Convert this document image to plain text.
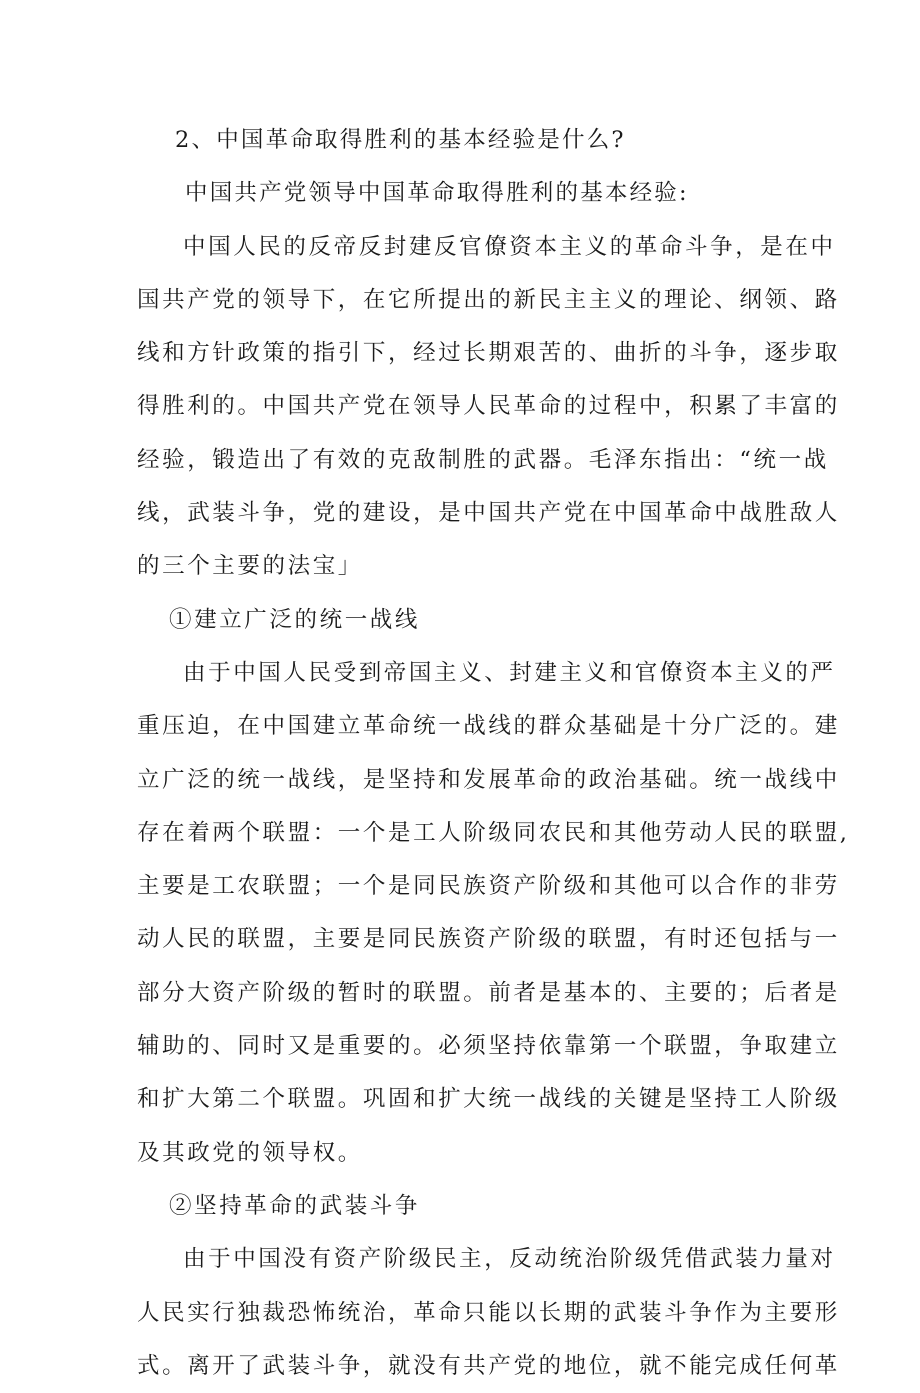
2、中国革命取得胜利的基本经验是什么?

中国共产党领导中国革命取得胜利的基本经验:

中国人民的反帝反封建反官僚资本主义的革命斗争，是在中

国共产党的领导下，在它所提出的新民主主义的理论、纲领、路

线和方针政策的指引下，经过长期艰苦的、曲折的斗争，逐步取

得胜利的。中国共产党在领导人民革命的过程中，积累了丰富的

经验，锻造出了有效的克敌制胜的武器。毛泽东指出：“统一战

线，武装斗争，党的建设，是中国共产党在中国革命中战胜敌人

的三个主要的法宝」

①建立广泛的统一战线

由于中国人民受到帝国主义、封建主义和官僚资本主义的严

重压迫，在中国建立革命统一战线的群众基础是十分广泛的。建

立广泛的统一战线，是坚持和发展革命的政治基础。统一战线中

存在着两个联盟：一个是工人阶级同农民和其他劳动人民的联盟,

主要是工农联盟；一个是同民族资产阶级和其他可以合作的非劳

动人民的联盟，主要是同民族资产阶级的联盟，有时还包括与一

部分大资产阶级的暂时的联盟。前者是基本的、主要的；后者是

辅助的、同时又是重要的。必须坚持依靠第一个联盟，争取建立

和扩大第二个联盟。巩固和扩大统一战线的关键是坚持工人阶级

及其政党的领导权。

②坚持革命的武装斗争

由于中国没有资产阶级民主，反动统治阶级凭借武装力量对

人民实行独裁恐怖统治，革命只能以长期的武装斗争作为主要形

式。离开了武装斗争，就没有共产党的地位，就不能完成任何革
